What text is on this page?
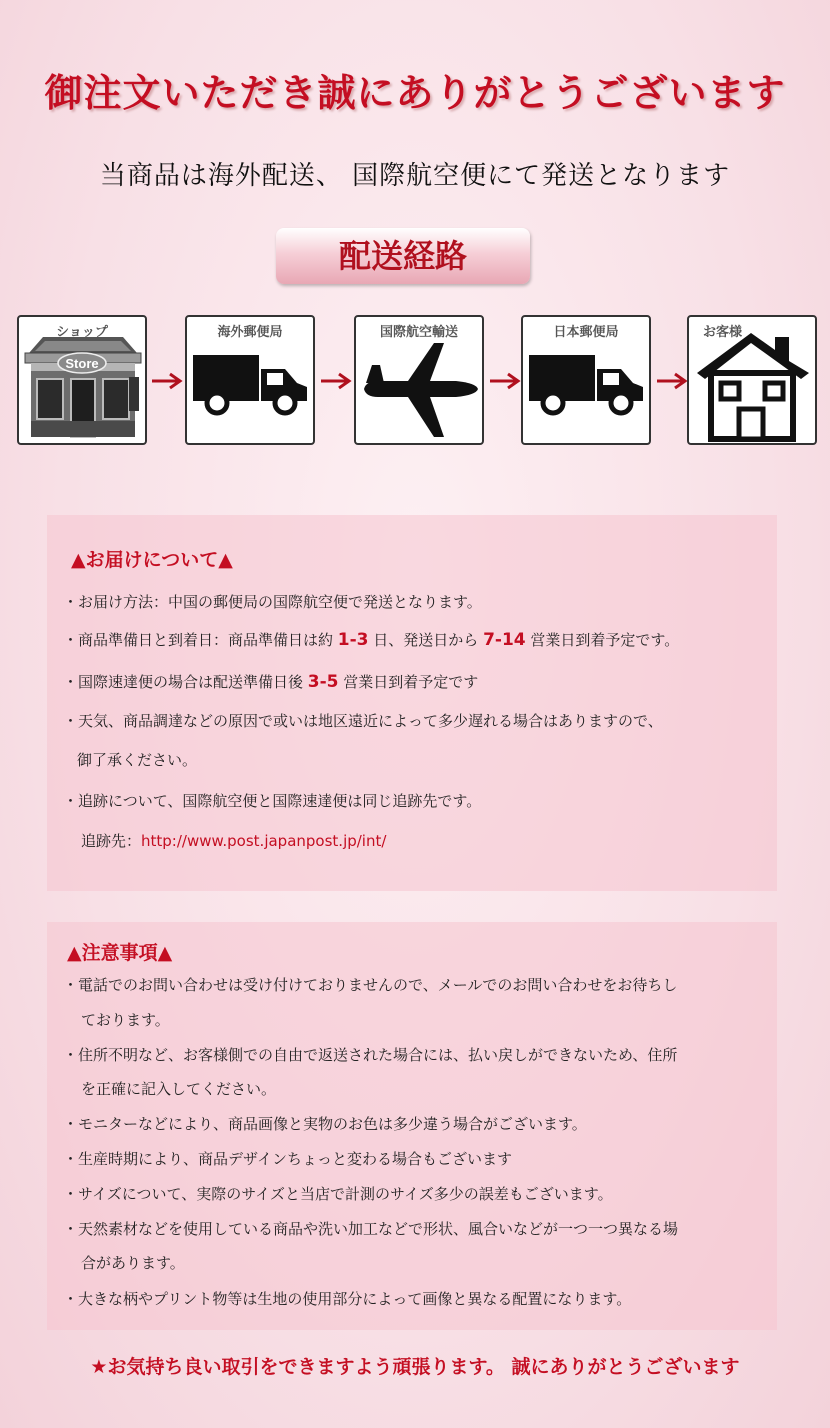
御注文いただき誠にありがとうございます
当商品は海外配送、 国際航空便にて発送となります
配送経路
Store
ショップ	海外郵便局	国際航空輸送	日本郵便局	お客様
▲お届けについて▲
・お届け方法：中国の郵便局の国際航空便で発送となります。
・商品準備日と到着日：商品準備日は約 1-3 日、発送日から 7-14 営業日到着予定です。
・国際速達便の場合は配送準備日後 3-5 営業日到着予定です
・天気、商品調達などの原因で或いは地区遠近によって多少遅れる場合はありますので、
御了承ください。
・追跡について、国際航空便と国際速達便は同じ追跡先です。
追跡先：http://www.post.japanpost.jp/int/
▲注意事項▲
・電話でのお問い合わせは受け付けておりませんので、メールでのお問い合わせをお待ちし
ております。
・住所不明など、お客様側での自由で返送された場合には、払い戻しができないため、住所
を正確に記入してください。
・モニターなどにより、商品画像と実物のお色は多少違う場合がございます。
・生産時期により、商品デザインちょっと変わる場合もございます
・サイズについて、実際のサイズと当店で計測のサイズ多少の誤差もございます。
・天然素材などを使用している商品や洗い加工などで形状、風合いなどが一つ一つ異なる場
合があります。
・大きな柄やプリント物等は生地の使用部分によって画像と異なる配置になります。
★お気持ち良い取引をできますよう頑張ります。 誠にありがとうございます
